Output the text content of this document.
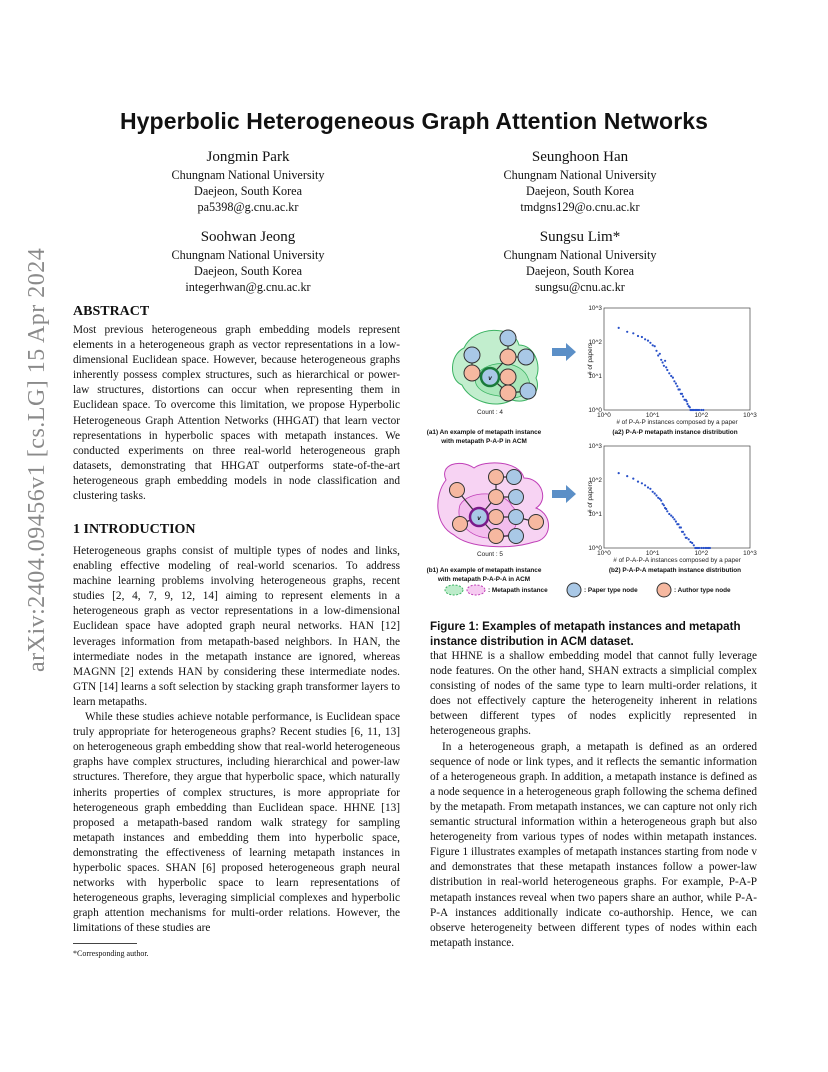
arXiv:2404.09456v1 [cs.LG] 15 Apr 2024
Hyperbolic Heterogeneous Graph Attention Networks
Jongmin Park
Chungnam National University
Daejeon, South Korea
pa5398@g.cnu.ac.kr
Seunghoon Han
Chungnam National University
Daejeon, South Korea
tmdgns129@o.cnu.ac.kr
Soohwan Jeong
Chungnam National University
Daejeon, South Korea
integerhwan@g.cnu.ac.kr
Sungsu Lim*
Chungnam National University
Daejeon, South Korea
sungsu@cnu.ac.kr
ABSTRACT

Most previous heterogeneous graph embedding models represent elements in a heterogeneous graph as vector representations in a low-dimensional Euclidean space. However, because heterogeneous graphs inherently possess complex structures, such as hierarchical or power-law structures, distortions can occur when representing them in Euclidean space. To overcome this limitation, we propose Hyperbolic Heterogeneous Graph Attention Networks (HHGAT) that learn vector representations in hyperbolic spaces with metapath instances. We conducted experiments on three real-world heterogeneous graph datasets, demonstrating that HHGAT outperforms state-of-the-art heterogeneous graph embedding models in node classification and clustering tasks.

1 INTRODUCTION

Heterogeneous graphs consist of multiple types of nodes and links, enabling effective modeling of real-world scenarios. To address machine learning problems involving heterogeneous graphs, recent studies [2, 4, 7, 9, 12, 14] aiming to represent elements in a heterogeneous graph as vector representations in a low-dimensional Euclidean space have adopted graph neural networks. HAN [12] leverages information from metapath-based neighbors. In HAN, the intermediate nodes in the metapath instance are ignored, whereas MAGNN [2] extends HAN by considering these intermediate nodes. GTN [14] learns a soft selection by stacking graph transformer layers to learn metapaths.

While these studies achieve notable performance, is Euclidean space truly appropriate for heterogeneous graphs? Recent studies [6, 11, 13] on heterogeneous graph embedding show that real-world heterogeneous graphs have complex structures, including hierarchical and power-law structures. Therefore, they argue that hyperbolic space, which naturally inherits properties of complex structures, is more appropriate for heterogeneous graph embedding than Euclidean space. HHNE [13] proposed a metapath-based random walk strategy for sampling metapath instances and embedding them into hyperbolic space, demonstrating the effectiveness of learning metapath instances in hyperbolic spaces. SHAN [6] proposed heterogeneous graph neural networks with hyperbolic space to learn representations of heterogeneous graphs, leveraging simplicial complexes and hyperbolic graph attention mechanisms for multi-order relations. However, the limitations of these studies are

*Corresponding author.
v
Count : 4
(a1) An example of metapath instance
with metapath P-A-P in ACM
v
Count : 5
(b1) An example of metapath instance
with metapath P-A-P-A in ACM
10^0
10^0
10^1
10^1
10^2
10^2
10^3
10^3
# of P-A-P instances composed by a paper
# of papers
10^0
10^0
10^1
10^1
10^2
10^2
10^3
10^3
# of P-A-P-A instances composed by a paper
# of papers
(a2) P-A-P metapath instance distribution
(b2) P-A-P-A metapath instance distribution
: Metapath instance	: Paper type node	: Author type node
Figure 1: Examples of metapath instances and metapath instance distribution in ACM dataset.

that HHNE is a shallow embedding model that cannot fully leverage node features. On the other hand, SHAN extracts a simplicial complex consisting of nodes of the same type to learn multi-order relations, it does not effectively capture the heterogeneity inherent in relations between different types of nodes explicitly represented in heterogeneous graphs.

In a heterogeneous graph, a metapath is defined as an ordered sequence of node or link types, and it reflects the semantic information of a heterogeneous graph. In addition, a metapath instance is defined as a node sequence in a heterogeneous graph following the schema defined by the metapath. From metapath instances, we can capture not only rich semantic structural information within a heterogeneous graph but also heterogeneity from various types of nodes within metapath instances. Figure 1 illustrates examples of metapath instances starting from node v and demonstrates that these metapath instances follow a power-law distribution in real-world heterogeneous graphs. For example, P-A-P metapath instances reveal when two papers share an author, while P-A-P-A instances additionally indicate co-authorship. Hence, we can observe heterogeneity between different types of nodes within each metapath instance.
